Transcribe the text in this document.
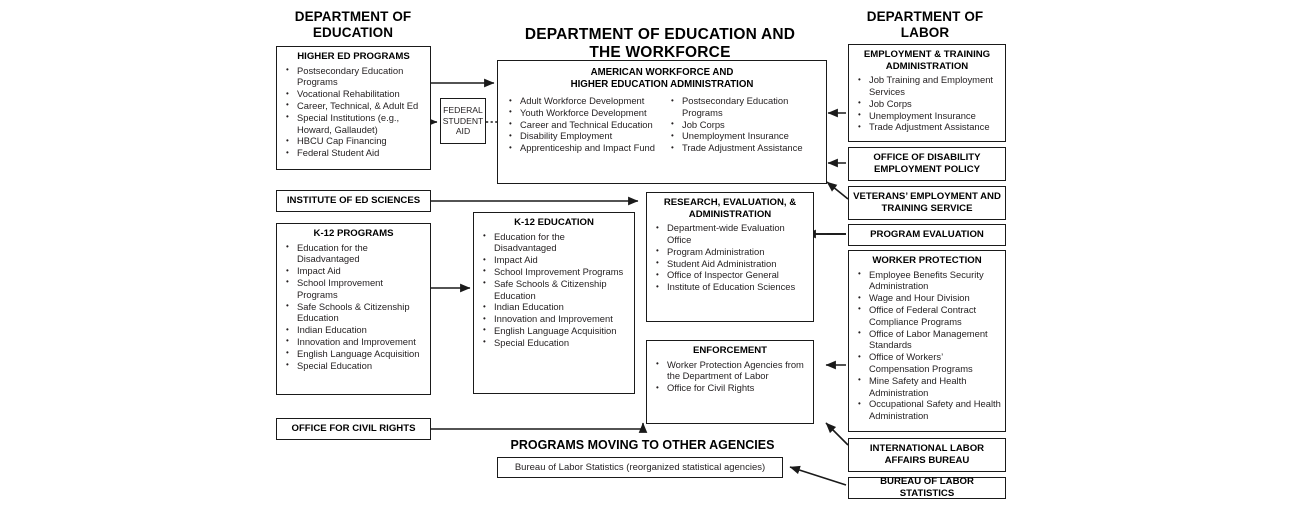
DEPARTMENT OF
EDUCATION	DEPARTMENT OF EDUCATION AND
THE WORKFORCE
DEPARTMENT OF
LABOR
HIGHER ED PROGRAMS
• Postsecondary Education Programs
• Vocational Rehabilitation
• Career, Technical, & Adult Ed
• Special Institutions (e.g., Howard, Gallaudet)
• HBCU Cap Financing
• Federal Student Aid
FEDERAL
STUDENT
AID
INSTITUTE OF ED SCIENCES
K-12 PROGRAMS
• Education for the Disadvantaged
• Impact Aid
• School Improvement Programs
• Safe Schools & Citizenship Education
• Indian Education
• Innovation and Improvement
• English Language Acquisition
• Special Education
OFFICE FOR CIVIL RIGHTS
AMERICAN WORKFORCE AND
HIGHER EDUCATION ADMINISTRATION
• Adult Workforce Development
• Youth Workforce Development
• Career and Technical Education
• Disability Employment
• Apprenticeship and Impact Fund
• Postsecondary Education Programs
• Job Corps
• Unemployment Insurance
• Trade Adjustment Assistance
K-12 EDUCATION
• Education for the Disadvantaged
• Impact Aid
• School Improvement Programs
• Safe Schools & Citizenship Education
• Indian Education
• Innovation and Improvement
• English Language Acquisition
• Special Education
RESEARCH, EVALUATION, &
ADMINISTRATION
• Department-wide Evaluation Office
• Program Administration
• Student Aid Administration
• Office of Inspector General
• Institute of Education Sciences
ENFORCEMENT
• Worker Protection Agencies from the Department of Labor
• Office for Civil Rights
EMPLOYMENT & TRAINING
ADMINISTRATION
• Job Training and Employment Services
• Job Corps
• Unemployment Insurance
• Trade Adjustment Assistance
OFFICE OF DISABILITY
EMPLOYMENT POLICY
VETERANS’ EMPLOYMENT AND
TRAINING SERVICE
PROGRAM EVALUATION
WORKER PROTECTION
• Employee Benefits Security Administration
• Wage and Hour Division
• Office of Federal Contract Compliance Programs
• Office of Labor Management Standards
• Office of Workers’ Compensation Programs
• Mine Safety and Health Administration
• Occupational Safety and Health Administration
INTERNATIONAL LABOR
AFFAIRS BUREAU
BUREAU OF LABOR STATISTICS
PROGRAMS MOVING TO OTHER AGENCIES
Bureau of Labor Statistics (reorganized statistical agencies)
